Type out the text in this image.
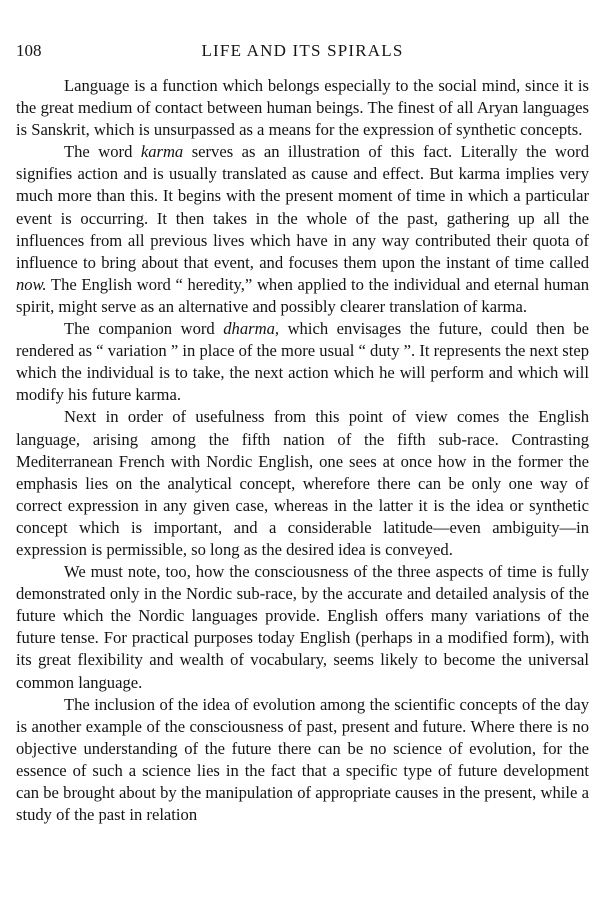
108	LIFE AND ITS SPIRALS

Language is a function which belongs especially to the social mind, since it is the great medium of contact between human beings. The finest of all Aryan languages is Sanskrit, which is unsurpassed as a means for the expression of synthetic concepts.

The word karma serves as an illustration of this fact. Literally the word signifies action and is usually translated as cause and effect. But karma implies very much more than this. It begins with the present moment of time in which a particular event is occurring. It then takes in the whole of the past, gathering up all the influences from all previous lives which have in any way contributed their quota of influence to bring about that event, and focuses them upon the instant of time called now. The English word “ heredity,” when applied to the individual and eternal human spirit, might serve as an alternative and possibly clearer translation of karma.

The companion word dharma, which envisages the future, could then be rendered as “ variation ” in place of the more usual “ duty ”. It represents the next step which the individual is to take, the next action which he will perform and which will modify his future karma.

Next in order of usefulness from this point of view comes the English language, arising among the fifth nation of the fifth sub-race. Contrasting Mediterranean French with Nordic English, one sees at once how in the former the emphasis lies on the analytical concept, wherefore there can be only one way of correct expression in any given case, whereas in the latter it is the idea or synthetic concept which is important, and a considerable latitude—even ambiguity—in expression is permissible, so long as the desired idea is conveyed.

We must note, too, how the consciousness of the three aspects of time is fully demonstrated only in the Nordic sub-race, by the accurate and detailed analysis of the future which the Nordic languages provide. English offers many variations of the future tense. For practical purposes today English (perhaps in a modified form), with its great flexibility and wealth of vocabulary, seems likely to become the universal common language.

The inclusion of the idea of evolution among the scientific concepts of the day is another example of the consciousness of past, present and future. Where there is no objective understanding of the future there can be no science of evolution, for the essence of such a science lies in the fact that a specific type of future development can be brought about by the manipulation of appropriate causes in the present, while a study of the past in relation
